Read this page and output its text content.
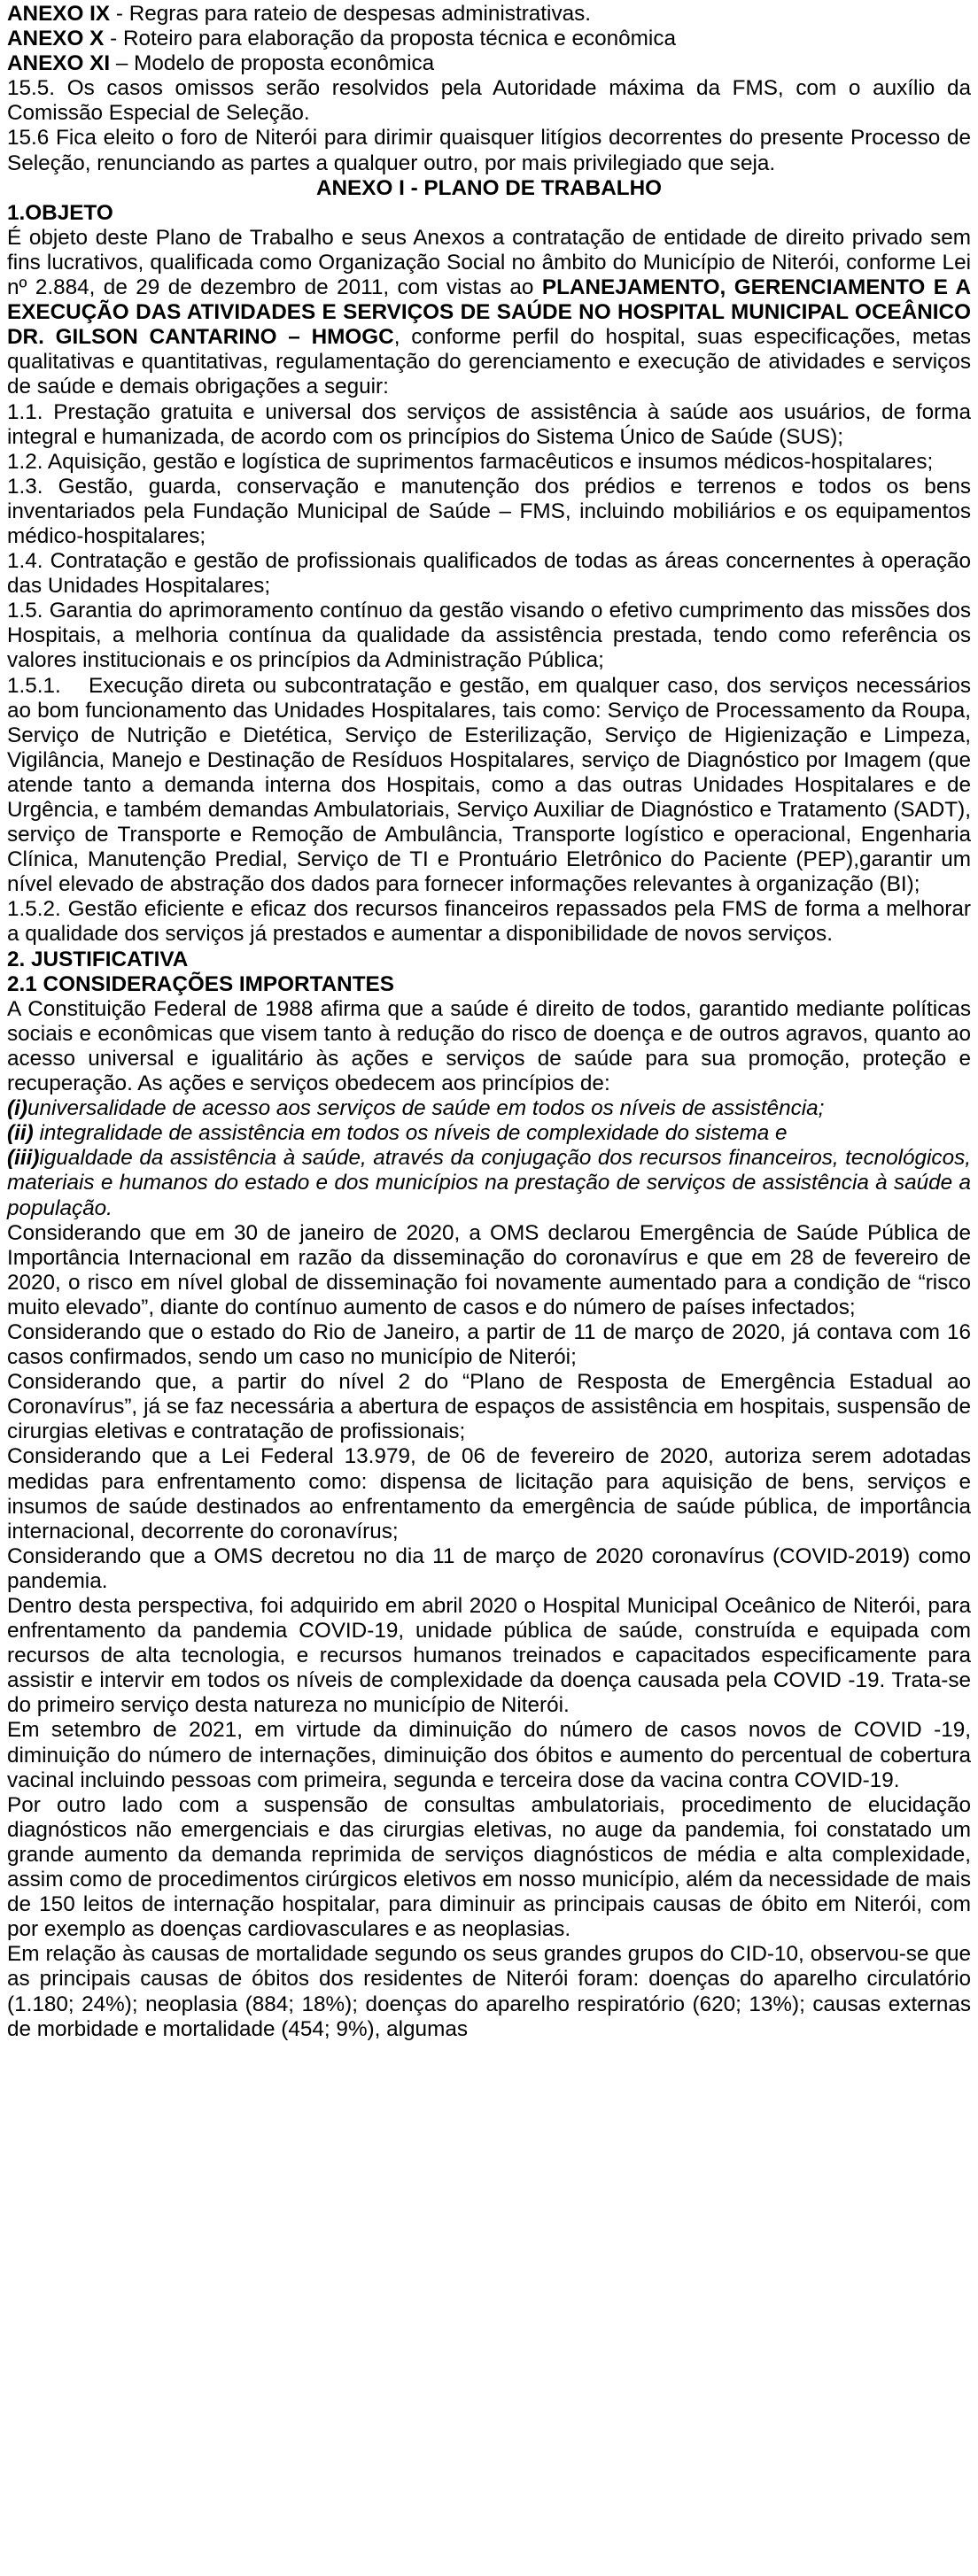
ANEXO IX - Regras para rateio de despesas administrativas.

ANEXO X - Roteiro para elaboração da proposta técnica e econômica

ANEXO XI – Modelo de proposta econômica

15.5. Os casos omissos serão resolvidos pela Autoridade máxima da FMS, com o auxílio da Comissão Especial de Seleção.

15.6 Fica eleito o foro de Niterói para dirimir quaisquer litígios decorrentes do presente Processo de Seleção, renunciando as partes a qualquer outro, por mais privilegiado que seja.

ANEXO I - PLANO DE TRABALHO

1.OBJETO

É objeto deste Plano de Trabalho e seus Anexos a contratação de entidade de direito privado sem fins lucrativos, qualificada como Organização Social no âmbito do Município de Niterói, conforme Lei nº 2.884, de 29 de dezembro de 2011, com vistas ao PLANEJAMENTO, GERENCIAMENTO E A EXECUÇÃO DAS ATIVIDADES E SERVIÇOS DE SAÚDE NO HOSPITAL MUNICIPAL OCEÂNICO DR. GILSON CANTARINO – HMOGC, conforme perfil do hospital, suas especificações, metas qualitativas e quantitativas, regulamentação do gerenciamento e execução de atividades e serviços de saúde e demais obrigações a seguir:

1.1. Prestação gratuita e universal dos serviços de assistência à saúde aos usuários, de forma integral e humanizada, de acordo com os princípios do Sistema Único de Saúde (SUS);

1.2. Aquisição, gestão e logística de suprimentos farmacêuticos e insumos médicos-hospitalares;

1.3. Gestão, guarda, conservação e manutenção dos prédios e terrenos e todos os bens inventariados pela Fundação Municipal de Saúde – FMS, incluindo mobiliários e os equipamentos médico-hospitalares;

1.4. Contratação e gestão de profissionais qualificados de todas as áreas concernentes à operação das Unidades Hospitalares;

1.5. Garantia do aprimoramento contínuo da gestão visando o efetivo cumprimento das missões dos Hospitais, a melhoria contínua da qualidade da assistência prestada, tendo como referência os valores institucionais e os princípios da Administração Pública;

1.5.1. Execução direta ou subcontratação e gestão, em qualquer caso, dos serviços necessários ao bom funcionamento das Unidades Hospitalares, tais como: Serviço de Processamento da Roupa, Serviço de Nutrição e Dietética, Serviço de Esterilização, Serviço de Higienização e Limpeza, Vigilância, Manejo e Destinação de Resíduos Hospitalares, serviço de Diagnóstico por Imagem (que atende tanto a demanda interna dos Hospitais, como a das outras Unidades Hospitalares e de Urgência, e também demandas Ambulatoriais, Serviço Auxiliar de Diagnóstico e Tratamento (SADT), serviço de Transporte e Remoção de Ambulância, Transporte logístico e operacional, Engenharia Clínica, Manutenção Predial, Serviço de TI e Prontuário Eletrônico do Paciente (PEP),garantir um nível elevado de abstração dos dados para fornecer informações relevantes à organização (BI);

1.5.2. Gestão eficiente e eficaz dos recursos financeiros repassados pela FMS de forma a melhorar a qualidade dos serviços já prestados e aumentar a disponibilidade de novos serviços.

2. JUSTIFICATIVA

2.1 CONSIDERAÇÕES IMPORTANTES

A Constituição Federal de 1988 afirma que a saúde é direito de todos, garantido mediante políticas sociais e econômicas que visem tanto à redução do risco de doença e de outros agravos, quanto ao acesso universal e igualitário às ações e serviços de saúde para sua promoção, proteção e recuperação. As ações e serviços obedecem aos princípios de:

(i)universalidade de acesso aos serviços de saúde em todos os níveis de assistência;

(ii) integralidade de assistência em todos os níveis de complexidade do sistema e

(iii)igualdade da assistência à saúde, através da conjugação dos recursos financeiros, tecnológicos, materiais e humanos do estado e dos municípios na prestação de serviços de assistência à saúde a população.

Considerando que em 30 de janeiro de 2020, a OMS declarou Emergência de Saúde Pública de Importância Internacional em razão da disseminação do coronavírus e que em 28 de fevereiro de 2020, o risco em nível global de disseminação foi novamente aumentado para a condição de “risco muito elevado”, diante do contínuo aumento de casos e do número de países infectados;

Considerando que o estado do Rio de Janeiro, a partir de 11 de março de 2020, já contava com 16 casos confirmados, sendo um caso no município de Niterói;

Considerando que, a partir do nível 2 do “Plano de Resposta de Emergência Estadual ao Coronavírus”, já se faz necessária a abertura de espaços de assistência em hospitais, suspensão de cirurgias eletivas e contratação de profissionais;

Considerando que a Lei Federal 13.979, de 06 de fevereiro de 2020, autoriza serem adotadas medidas para enfrentamento como: dispensa de licitação para aquisição de bens, serviços e insumos de saúde destinados ao enfrentamento da emergência de saúde pública, de importância internacional, decorrente do coronavírus;

Considerando que a OMS decretou no dia 11 de março de 2020 coronavírus (COVID-2019) como pandemia.

Dentro desta perspectiva, foi adquirido em abril 2020 o Hospital Municipal Oceânico de Niterói, para enfrentamento da pandemia COVID-19, unidade pública de saúde, construída e equipada com recursos de alta tecnologia, e recursos humanos treinados e capacitados especificamente para assistir e intervir em todos os níveis de complexidade da doença causada pela COVID -19. Trata-se do primeiro serviço desta natureza no município de Niterói.

Em setembro de 2021, em virtude da diminuição do número de casos novos de COVID -19, diminuição do número de internações, diminuição dos óbitos e aumento do percentual de cobertura vacinal incluindo pessoas com primeira, segunda e terceira dose da vacina contra COVID-19.

Por outro lado com a suspensão de consultas ambulatoriais, procedimento de elucidação diagnósticos não emergenciais e das cirurgias eletivas, no auge da pandemia, foi constatado um grande aumento da demanda reprimida de serviços diagnósticos de média e alta complexidade, assim como de procedimentos cirúrgicos eletivos em nosso município, além da necessidade de mais de 150 leitos de internação hospitalar, para diminuir as principais causas de óbito em Niterói, com por exemplo as doenças cardiovasculares e as neoplasias.

Em relação às causas de mortalidade segundo os seus grandes grupos do CID-10, observou-se que as principais causas de óbitos dos residentes de Niterói foram: doenças do aparelho circulatório (1.180; 24%); neoplasia (884; 18%); doenças do aparelho respiratório (620; 13%); causas externas de morbidade e mortalidade (454; 9%), algumas
